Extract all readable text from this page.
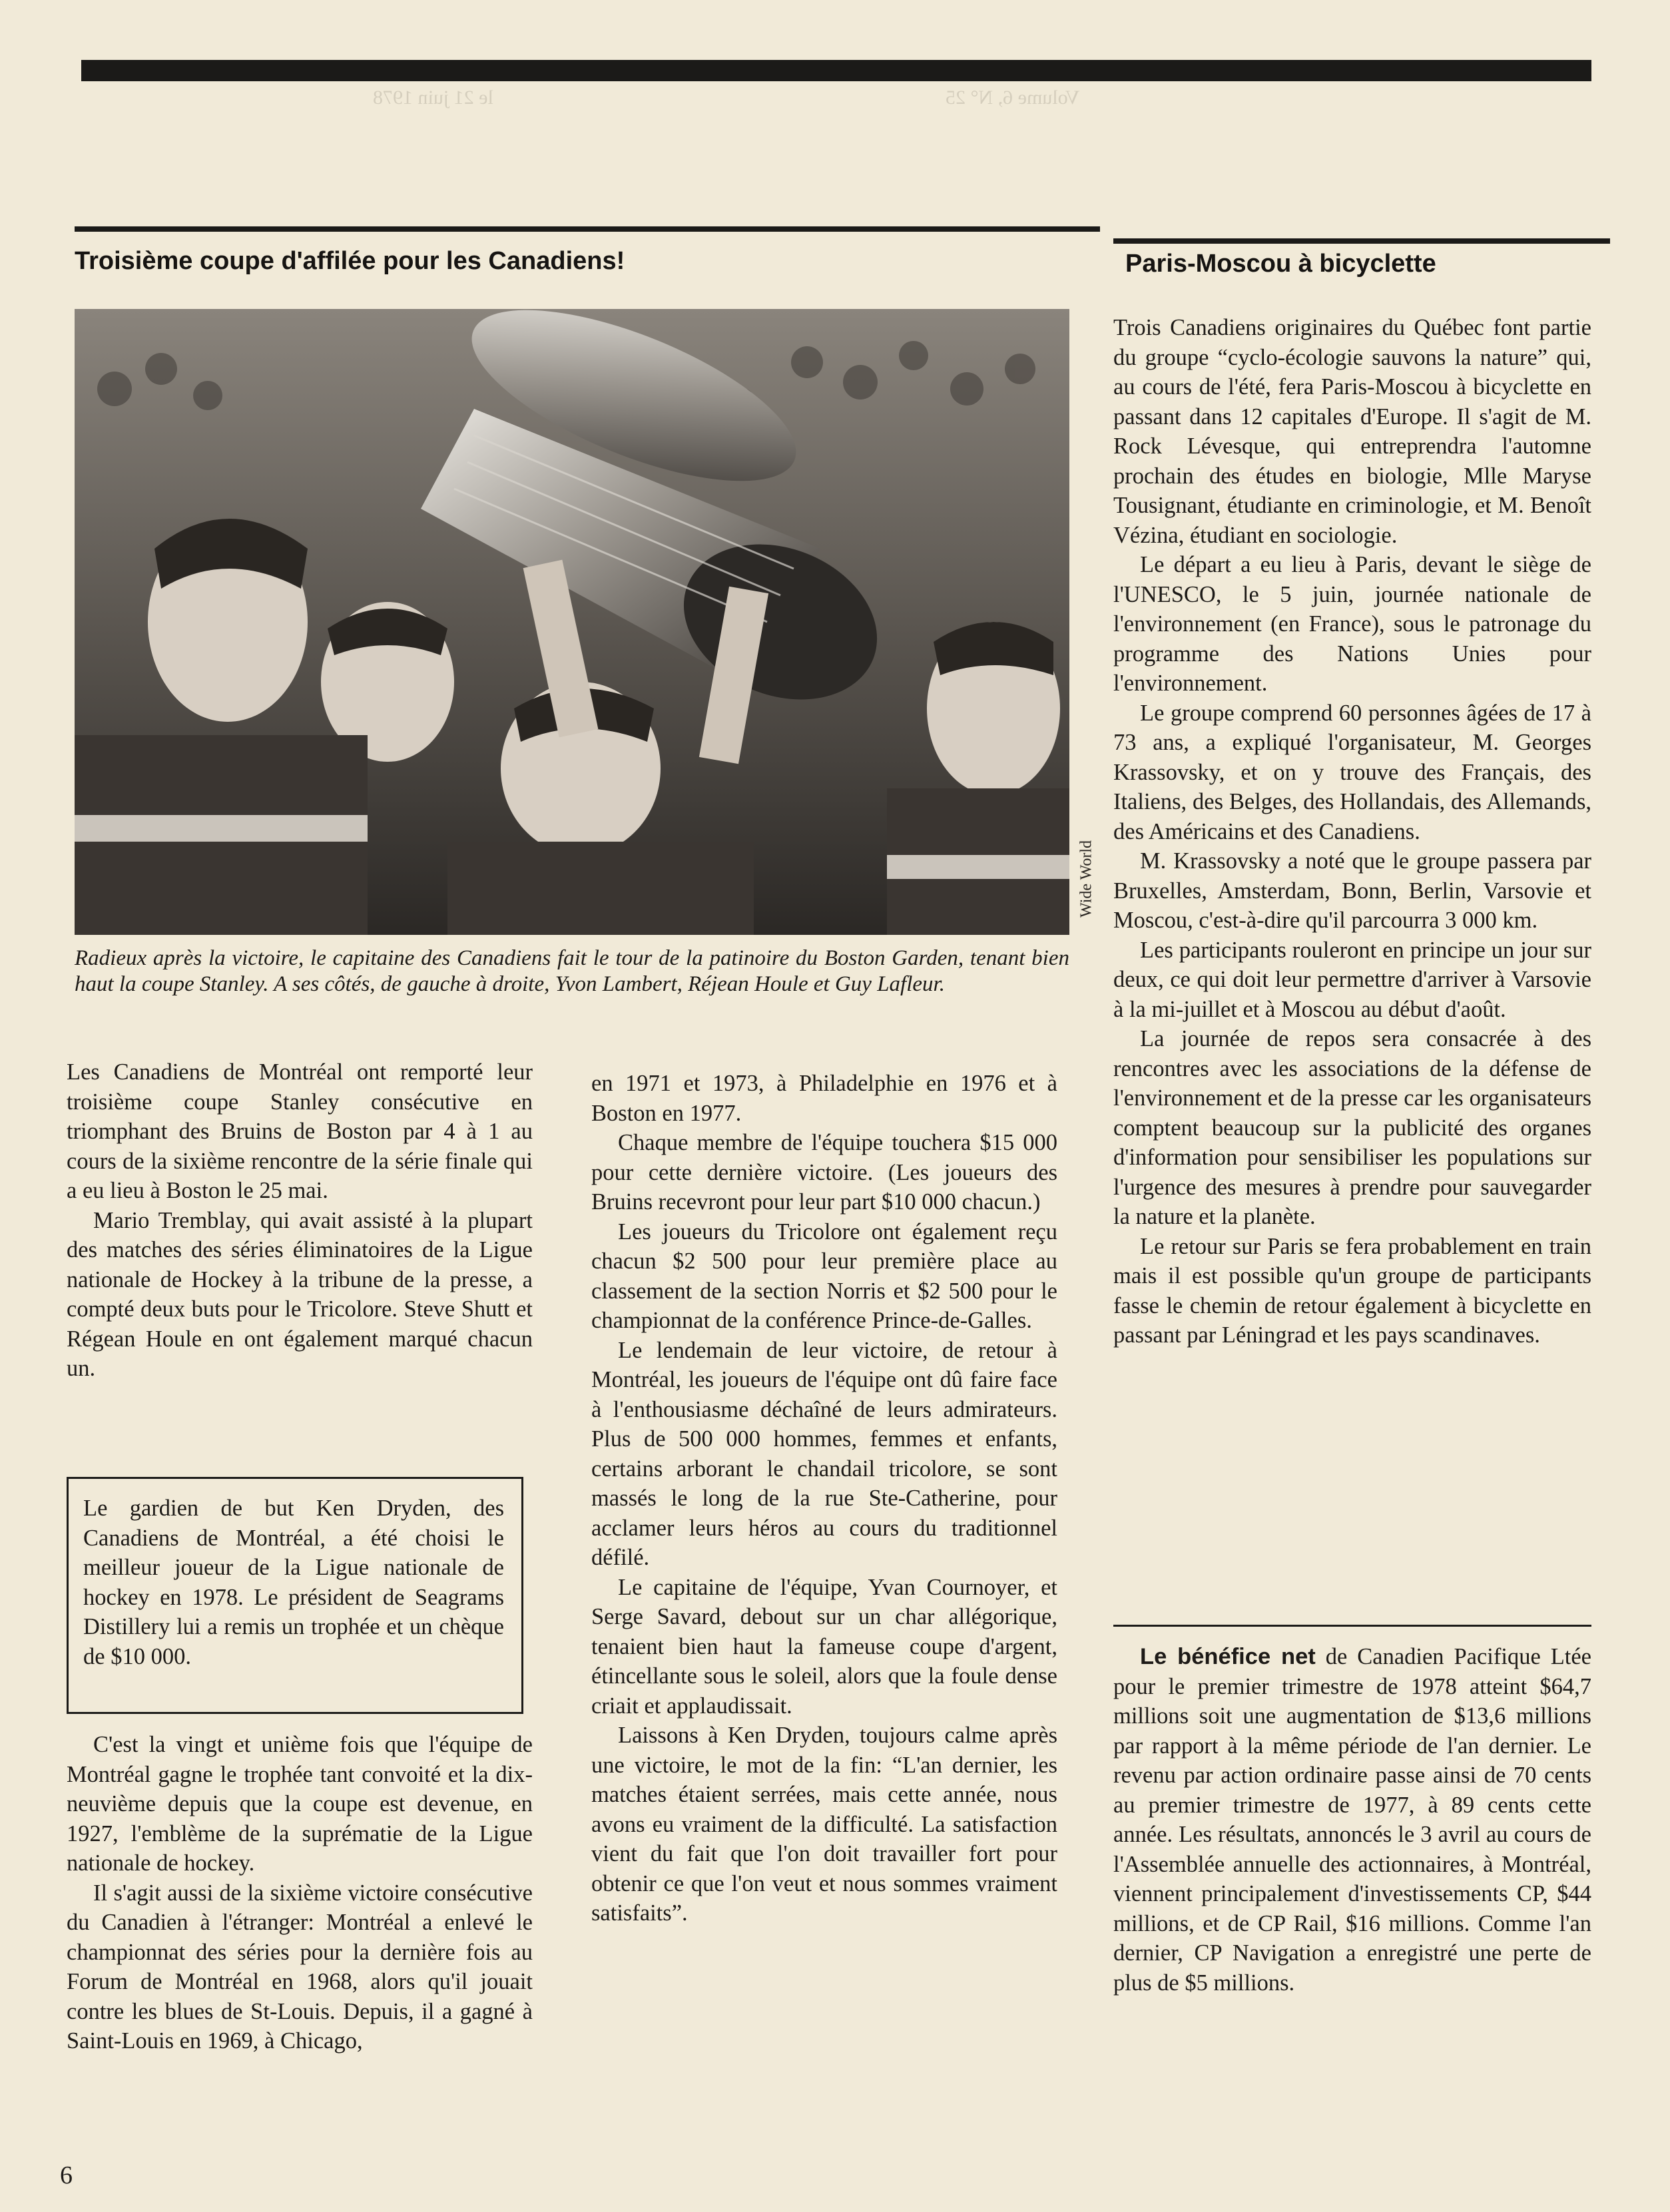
Volume 6, N° 25
le 21 juin 1978
Troisième coupe d'affilée pour les Canadiens!	Paris-Moscou à bicyclette
Wide World
Radieux après la victoire, le capitaine des Canadiens fait le tour de la patinoire du Boston Garden, tenant bien haut la coupe Stanley. A ses côtés, de gauche à droite, Yvon Lambert, Réjean Houle et Guy Lafleur.

Les Canadiens de Montréal ont remporté leur troisième coupe Stanley consécutive en triomphant des Bruins de Boston par 4 à 1 au cours de la sixième rencontre de la série finale qui a eu lieu à Boston le 25 mai.

Mario Tremblay, qui avait assisté à la plupart des matches des séries éliminatoires de la Ligue nationale de Hockey à la tribune de la presse, a compté deux buts pour le Tricolore. Steve Shutt et Régean Houle en ont également marqué chacun un.

Le gardien de but Ken Dryden, des Canadiens de Montréal, a été choisi le meilleur joueur de la Ligue nationale de hockey en 1978. Le président de Seagrams Distillery lui a remis un trophée et un chèque de $10 000.

C'est la vingt et unième fois que l'équipe de Montréal gagne le trophée tant convoité et la dix-neuvième depuis que la coupe est devenue, en 1927, l'emblème de la suprématie de la Ligue nationale de hockey.

Il s'agit aussi de la sixième victoire consécutive du Canadien à l'étranger: Montréal a enlevé le championnat des séries pour la dernière fois au Forum de Montréal en 1968, alors qu'il jouait contre les blues de St-Louis. Depuis, il a gagné à Saint-Louis en 1969, à Chicago,

en 1971 et 1973, à Philadelphie en 1976 et à Boston en 1977.

Chaque membre de l'équipe touchera $15 000 pour cette dernière victoire. (Les joueurs des Bruins recevront pour leur part $10 000 chacun.)

Les joueurs du Tricolore ont également reçu chacun $2 500 pour leur première place au classement de la section Norris et $2 500 pour le championnat de la conférence Prince-de-Galles.

Le lendemain de leur victoire, de retour à Montréal, les joueurs de l'équipe ont dû faire face à l'enthousiasme déchaîné de leurs admirateurs. Plus de 500 000 hommes, femmes et enfants, certains arborant le chandail tricolore, se sont massés le long de la rue Ste-Catherine, pour acclamer leurs héros au cours du traditionnel défilé.

Le capitaine de l'équipe, Yvan Cournoyer, et Serge Savard, debout sur un char allégorique, tenaient bien haut la fameuse coupe d'argent, étincellante sous le soleil, alors que la foule dense criait et applaudissait.

Laissons à Ken Dryden, toujours calme après une victoire, le mot de la fin: “L'an dernier, les matches étaient serrées, mais cette année, nous avons eu vraiment de la difficulté. La satisfaction vient du fait que l'on doit travailler fort pour obtenir ce que l'on veut et nous sommes vraiment satisfaits”.

Trois Canadiens originaires du Québec font partie du groupe “cyclo-écologie sauvons la nature” qui, au cours de l'été, fera Paris-Moscou à bicyclette en passant dans 12 capitales d'Europe. Il s'agit de M. Rock Lévesque, qui entreprendra l'automne prochain des études en biologie, Mlle Maryse Tousignant, étudiante en criminologie, et M. Benoît Vézina, étudiant en sociologie.

Le départ a eu lieu à Paris, devant le siège de l'UNESCO, le 5 juin, journée nationale de l'environnement (en France), sous le patronage du programme des Nations Unies pour l'environnement.

Le groupe comprend 60 personnes âgées de 17 à 73 ans, a expliqué l'organisateur, M. Georges Krassovsky, et on y trouve des Français, des Italiens, des Belges, des Hollandais, des Allemands, des Américains et des Canadiens.

M. Krassovsky a noté que le groupe passera par Bruxelles, Amsterdam, Bonn, Berlin, Varsovie et Moscou, c'est-à-dire qu'il parcourra 3 000 km.

Les participants rouleront en principe un jour sur deux, ce qui doit leur permettre d'arriver à Varsovie à la mi-juillet et à Moscou au début d'août.

La journée de repos sera consacrée à des rencontres avec les associations de la défense de l'environnement et de la presse car les organisateurs comptent beaucoup sur la publicité des organes d'information pour sensibiliser les populations sur l'urgence des mesures à prendre pour sauvegarder la nature et la planète.

Le retour sur Paris se fera probablement en train mais il est possible qu'un groupe de participants fasse le chemin de retour également à bicyclette en passant par Léningrad et les pays scandinaves.

Le bénéfice net de Canadien Pacifique Ltée pour le premier trimestre de 1978 atteint $64,7 millions soit une augmentation de $13,6 millions par rapport à la même période de l'an dernier. Le revenu par action ordinaire passe ainsi de 70 cents au premier trimestre de 1977, à 89 cents cette année. Les résultats, annoncés le 3 avril au cours de l'Assemblée annuelle des actionnaires, à Montréal, viennent principalement d'investissements CP, $44 millions, et de CP Rail, $16 millions. Comme l'an dernier, CP Navigation a enregistré une perte de plus de $5 millions.

6
